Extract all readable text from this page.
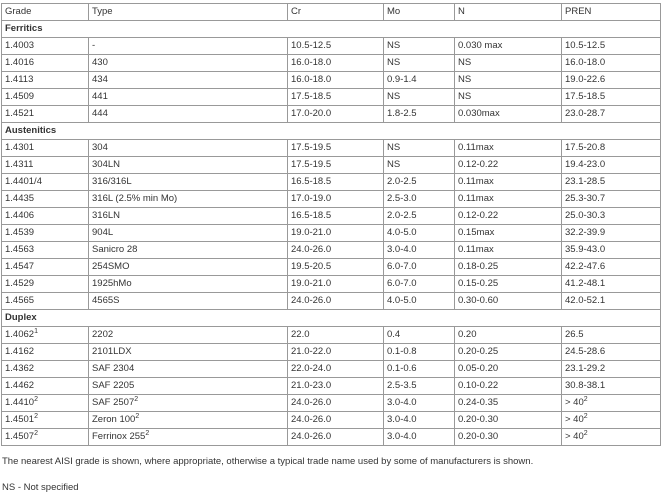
Grade	Type	Cr	Mo	N	PREN
Ferritics					
1.4003	-	10.5-12.5	NS	0.030 max	10.5-12.5
1.4016	430	16.0-18.0	NS	NS	16.0-18.0
1.4113	434	16.0-18.0	0.9-1.4	NS	19.0-22.6
1.4509	441	17.5-18.5	NS	NS	17.5-18.5
1.4521	444	17.0-20.0	1.8-2.5	0.030max	23.0-28.7
Austenitics					
1.4301	304	17.5-19.5	NS	0.11max	17.5-20.8
1.4311	304LN	17.5-19.5	NS	0.12-0.22	19.4-23.0
1.4401/4	316/316L	16.5-18.5	2.0-2.5	0.11max	23.1-28.5
1.4435	316L (2.5% min Mo)	17.0-19.0	2.5-3.0	0.11max	25.3-30.7
1.4406	316LN	16.5-18.5	2.0-2.5	0.12-0.22	25.0-30.3
1.4539	904L	19.0-21.0	4.0-5.0	0.15max	32.2-39.9
1.4563	Sanicro 28	24.0-26.0	3.0-4.0	0.11max	35.9-43.0
1.4547	254SMO	19.5-20.5	6.0-7.0	0.18-0.25	42.2-47.6
1.4529	1925hMo	19.0-21.0	6.0-7.0	0.15-0.25	41.2-48.1
1.4565	4565S	24.0-26.0	4.0-5.0	0.30-0.60	42.0-52.1
Duplex					
1.4062$^1$	2202	22.0	0.4	0.20	26.5
1.4162	2101LDX	21.0-22.0	0.1-0.8	0.20-0.25	24.5-28.6
1.4362	SAF 2304	22.0-24.0	0.1-0.6	0.05-0.20	23.1-29.2
1.4462	SAF 2205	21.0-23.0	2.5-3.5	0.10-0.22	30.8-38.1
1.4410$^2$	SAF 2507$^2$	24.0-26.0	3.0-4.0	0.24-0.35	> $40^2$
1.4501$^2$	Zeron $100^2$	24.0-26.0	3.0-4.0	0.20-0.30	> $40^2$
1.4507$^2$	Ferrinox $255^2$	24.0-26.0	3.0-4.0	0.20-0.30	> $40^2$
The nearest AISI grade is shown, where appropriate, otherwise a typical trade name used by some of manufacturers is shown.
NS - Not specified
